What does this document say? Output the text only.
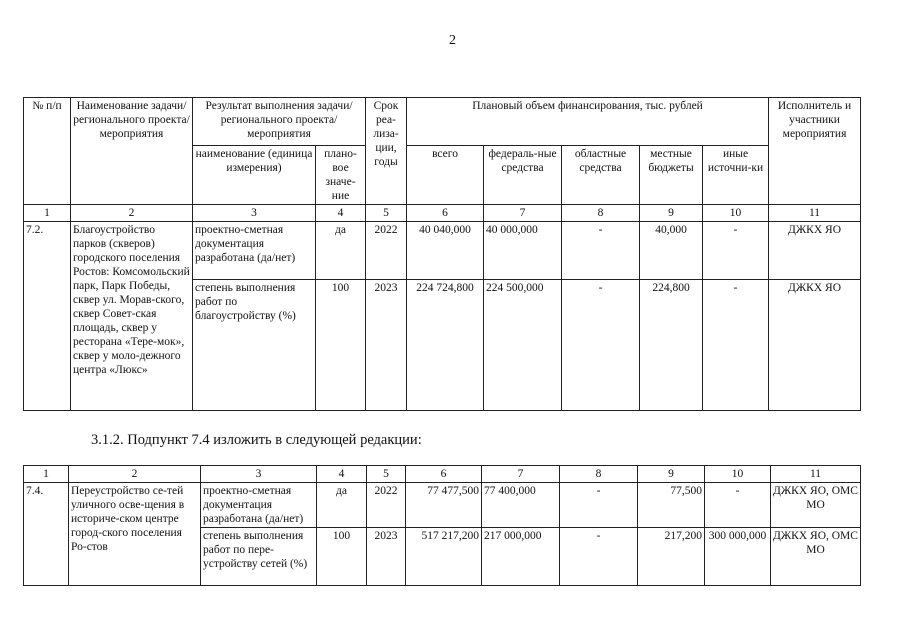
2
№ п/п	Наименование задачи/ регионального проекта/ мероприятия	Результат выполнения задачи/регионального проекта/мероприятия		Срок реа-лиза-ции, годы	Плановый объем финансирования, тыс. рублей					Исполнитель и участники мероприятия
		наименование (единица измерения)	плано-вое значе-ние		всего	федераль-ные средства	областные средства	местные бюджеты	иные источни-ки	
1	2	3	4	5	6	7	8	9	10	11
7.2.	Благоустройство парков (скверов) городского поселения Ростов: Комсомольский парк, Парк Победы, сквер ул. Морав-ского, сквер Совет-ская площадь, сквер у ресторана «Тере-мок», сквер у моло-дежного центра «Люкс»	проектно-сметная документация разработана (да/нет)	да	2022	40 040,000	40 000,000	-	40,000	-	ДЖКХ ЯО
		степень выполнения работ по благоустройству (%)	100	2023	224 724,800	224 500,000	-	224,800	-	ДЖКХ ЯО
3.1.2. Подпункт 7.4 изложить в следующей редакции:
1	2	3	4	5	6	7	8	9	10	11
7.4.	Переустройство се-тей уличного осве-щения в историче-ском центре город-ского поселения Ро-стов	проектно-сметная документация разработана (да/нет)	да	2022	77 477,500	77 400,000	-	77,500	-	ДЖКХ ЯО, ОМС МО
		степень выполнения работ по пере-устройству сетей (%)	100	2023	517 217,200	217 000,000	-	217,200	300 000,000	ДЖКХ ЯО, ОМС МО
